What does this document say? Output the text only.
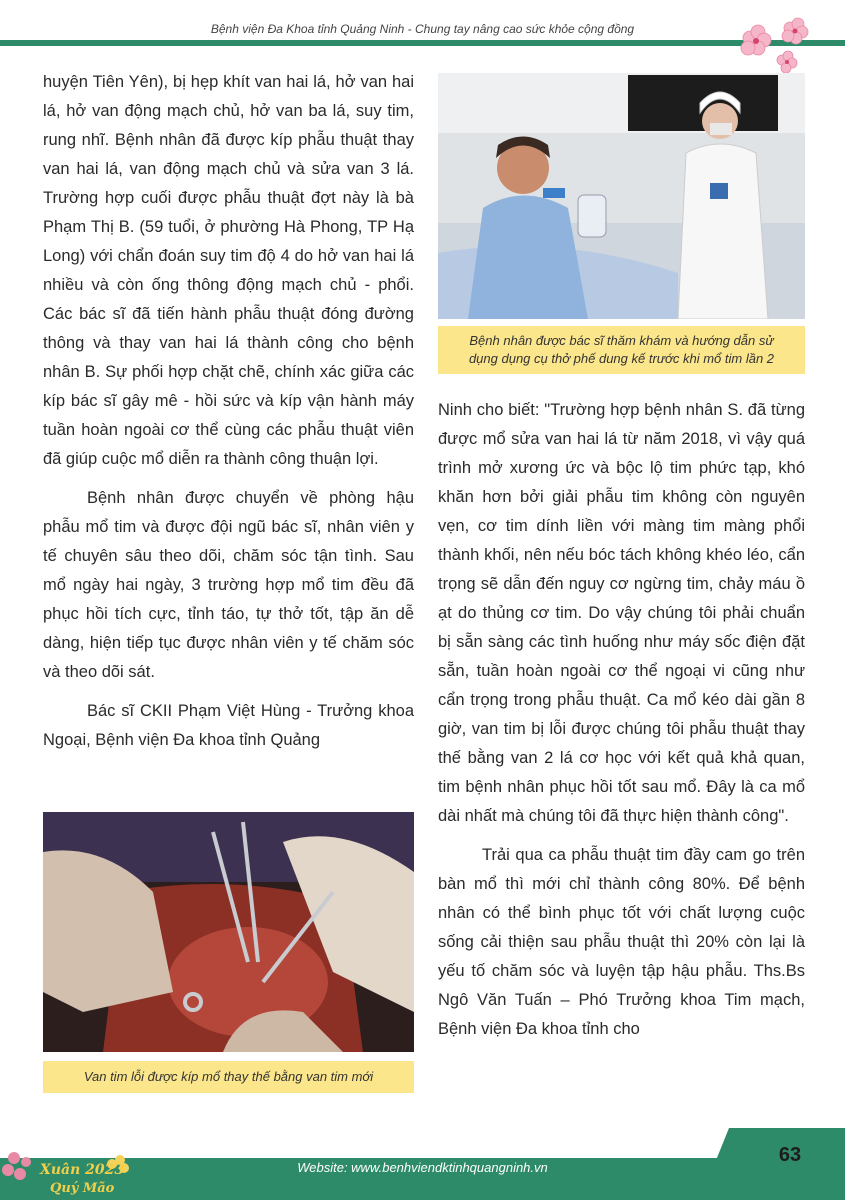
Bệnh viện Đa Khoa tỉnh Quảng Ninh - Chung tay nâng cao sức khỏe cộng đồng

huyện Tiên Yên), bị hẹp khít van hai lá, hở van hai lá, hở van động mạch chủ, hở van ba lá, suy tim, rung nhĩ. Bệnh nhân đã được kíp phẫu thuật thay van hai lá, van động mạch chủ và sửa van 3 lá. Trường hợp cuối được phẫu thuật đợt này là bà Phạm Thị B. (59 tuổi, ở phường Hà Phong, TP Hạ Long) với chẩn đoán suy tim độ 4 do hở van hai lá nhiều và còn ống thông động mạch chủ - phổi. Các bác sĩ đã tiến hành phẫu thuật đóng đường thông và thay van hai lá thành công cho bệnh nhân B. Sự phối hợp chặt chẽ, chính xác giữa các kíp bác sĩ gây mê - hồi sức và kíp vận hành máy tuần hoàn ngoài cơ thể cùng các phẫu thuật viên đã giúp cuộc mổ diễn ra thành công thuận lợi.

Bệnh nhân được chuyển về phòng hậu phẫu mổ tim và được đội ngũ bác sĩ, nhân viên y tế chuyên sâu theo dõi, chăm sóc tận tình. Sau mổ ngày hai ngày, 3 trường hợp mổ tim đều đã phục hồi tích cực, tỉnh táo, tự thở tốt, tập ăn dễ dàng, hiện tiếp tục được nhân viên y tế chăm sóc và theo dõi sát.

Bác sĩ CKII Phạm Việt Hùng - Trưởng khoa Ngoại, Bệnh viện Đa khoa tỉnh Quảng

Bệnh nhân được bác sĩ thăm khám và hướng dẫn sử dụng dụng cụ thở phế dung kế trước khi mổ tim lần 2

Ninh cho biết: "Trường hợp bệnh nhân S. đã từng được mổ sửa van hai lá từ năm 2018, vì vậy quá trình mở xương ức và bộc lộ tim phức tạp, khó khăn hơn bởi giải phẫu tim không còn nguyên vẹn, cơ tim dính liền với màng tim màng phổi thành khối, nên nếu bóc tách không khéo léo, cẩn trọng sẽ dẫn đến nguy cơ ngừng tim, chảy máu ồ ạt do thủng cơ tim. Do vậy chúng tôi phải chuẩn bị sẵn sàng các tình huống như máy sốc điện đặt sẵn, tuần hoàn ngoài cơ thể ngoại vi cũng như cẩn trọng trong phẫu thuật. Ca mổ kéo dài gần 8 giờ, van tim bị lỗi được chúng tôi phẫu thuật thay thế bằng van 2 lá cơ học với kết quả khả quan, tim bệnh nhân phục hồi tốt sau mổ. Đây là ca mổ dài nhất mà chúng tôi đã thực hiện thành công".

Trải qua ca phẫu thuật tim đầy cam go trên bàn mổ thì mới chỉ thành công 80%. Để bệnh nhân có thể bình phục tốt với chất lượng cuộc sống cải thiện sau phẫu thuật thì 20% còn lại là yếu tố chăm sóc và luyện tập hậu phẫu. Ths.Bs Ngô Văn Tuấn – Phó Trưởng khoa Tim mạch, Bệnh viện Đa khoa tỉnh cho

Van tim lỗi được kíp mổ thay thế bằng van tim mới
63
Website: www.benhviendktinhquangninh.vn
Xuân 2023
Quý Mão
